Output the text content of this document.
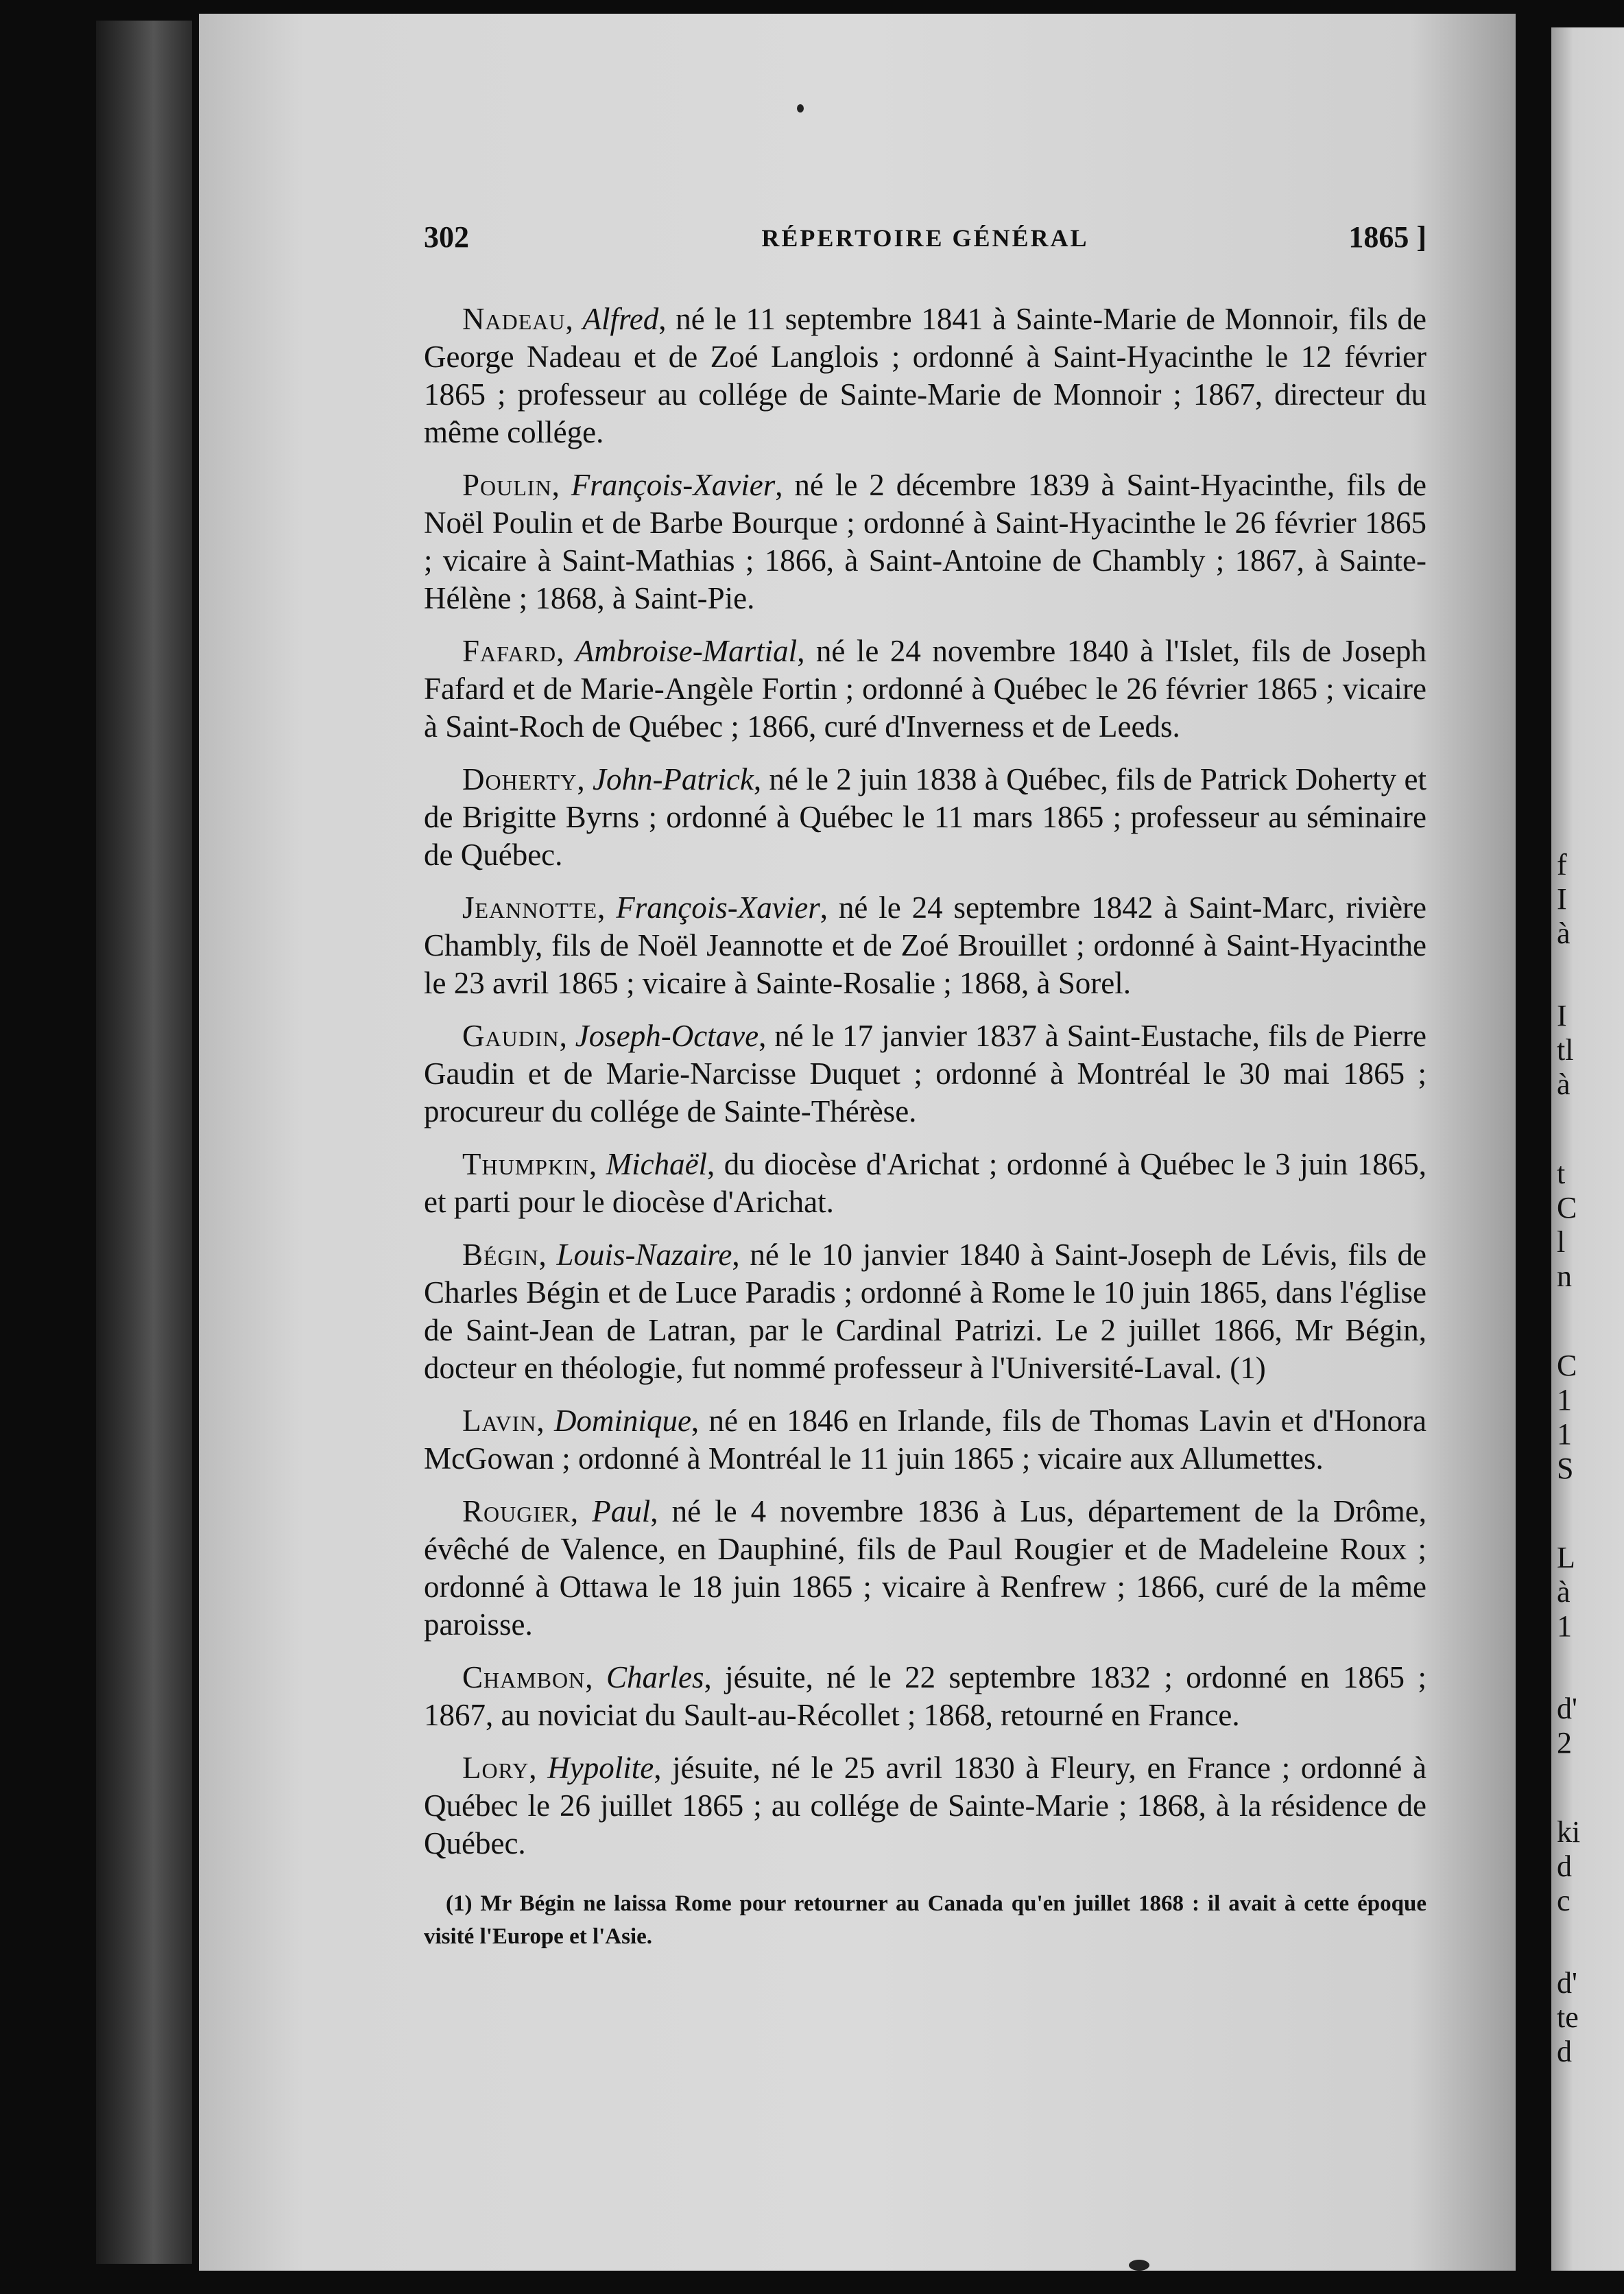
f
I
à
I
tl
à
t
C
l
n
C
1
1
S
L
à
1
d'
2
ki
d
c
d'
te
d
302	RÉPERTOIRE GÉNÉRAL	1865 ]

Nadeau, Alfred, né le 11 septembre 1841 à Sainte-Marie de Monnoir, fils de George Nadeau et de Zoé Langlois ; ordonné à Saint-Hyacinthe le 12 février 1865 ; professeur au collége de Sainte-Marie de Monnoir ; 1867, directeur du même collége.

Poulin, François-Xavier, né le 2 décembre 1839 à Saint-Hyacinthe, fils de Noël Poulin et de Barbe Bourque ; ordonné à Saint-Hyacinthe le 26 février 1865 ; vicaire à Saint-Mathias ; 1866, à Saint-Antoine de Chambly ; 1867, à Sainte-Hélène ; 1868, à Saint-Pie.

Fafard, Ambroise-Martial, né le 24 novembre 1840 à l'Islet, fils de Joseph Fafard et de Marie-Angèle Fortin ; ordonné à Québec le 26 février 1865 ; vicaire à Saint-Roch de Québec ; 1866, curé d'Inverness et de Leeds.

Doherty, John-Patrick, né le 2 juin 1838 à Québec, fils de Patrick Doherty et de Brigitte Byrns ; ordonné à Québec le 11 mars 1865 ; professeur au séminaire de Québec.

Jeannotte, François-Xavier, né le 24 septembre 1842 à Saint-Marc, rivière Chambly, fils de Noël Jeannotte et de Zoé Brouillet ; ordonné à Saint-Hyacinthe le 23 avril 1865 ; vicaire à Sainte-Rosalie ; 1868, à Sorel.

Gaudin, Joseph-Octave, né le 17 janvier 1837 à Saint-Eustache, fils de Pierre Gaudin et de Marie-Narcisse Duquet ; ordonné à Montréal le 30 mai 1865 ; procureur du collége de Sainte-Thérèse.

Thumpkin, Michaël, du diocèse d'Arichat ; ordonné à Québec le 3 juin 1865, et parti pour le diocèse d'Arichat.

Bégin, Louis-Nazaire, né le 10 janvier 1840 à Saint-Joseph de Lévis, fils de Charles Bégin et de Luce Paradis ; ordonné à Rome le 10 juin 1865, dans l'église de Saint-Jean de Latran, par le Cardinal Patrizi. Le 2 juillet 1866, Mr Bégin, docteur en théologie, fut nommé professeur à l'Université-Laval. (1)

Lavin, Dominique, né en 1846 en Irlande, fils de Thomas Lavin et d'Honora McGowan ; ordonné à Montréal le 11 juin 1865 ; vicaire aux Allumettes.

Rougier, Paul, né le 4 novembre 1836 à Lus, département de la Drôme, évêché de Valence, en Dauphiné, fils de Paul Rougier et de Madeleine Roux ; ordonné à Ottawa le 18 juin 1865 ; vicaire à Renfrew ; 1866, curé de la même paroisse.

Chambon, Charles, jésuite, né le 22 septembre 1832 ; ordonné en 1865 ; 1867, au noviciat du Sault-au-Récollet ; 1868, retourné en France.

Lory, Hypolite, jésuite, né le 25 avril 1830 à Fleury, en France ; ordonné à Québec le 26 juillet 1865 ; au collége de Sainte-Marie ; 1868, à la résidence de Québec.

(1) Mr Bégin ne laissa Rome pour retourner au Canada qu'en juillet 1868 : il avait à cette époque visité l'Europe et l'Asie.
